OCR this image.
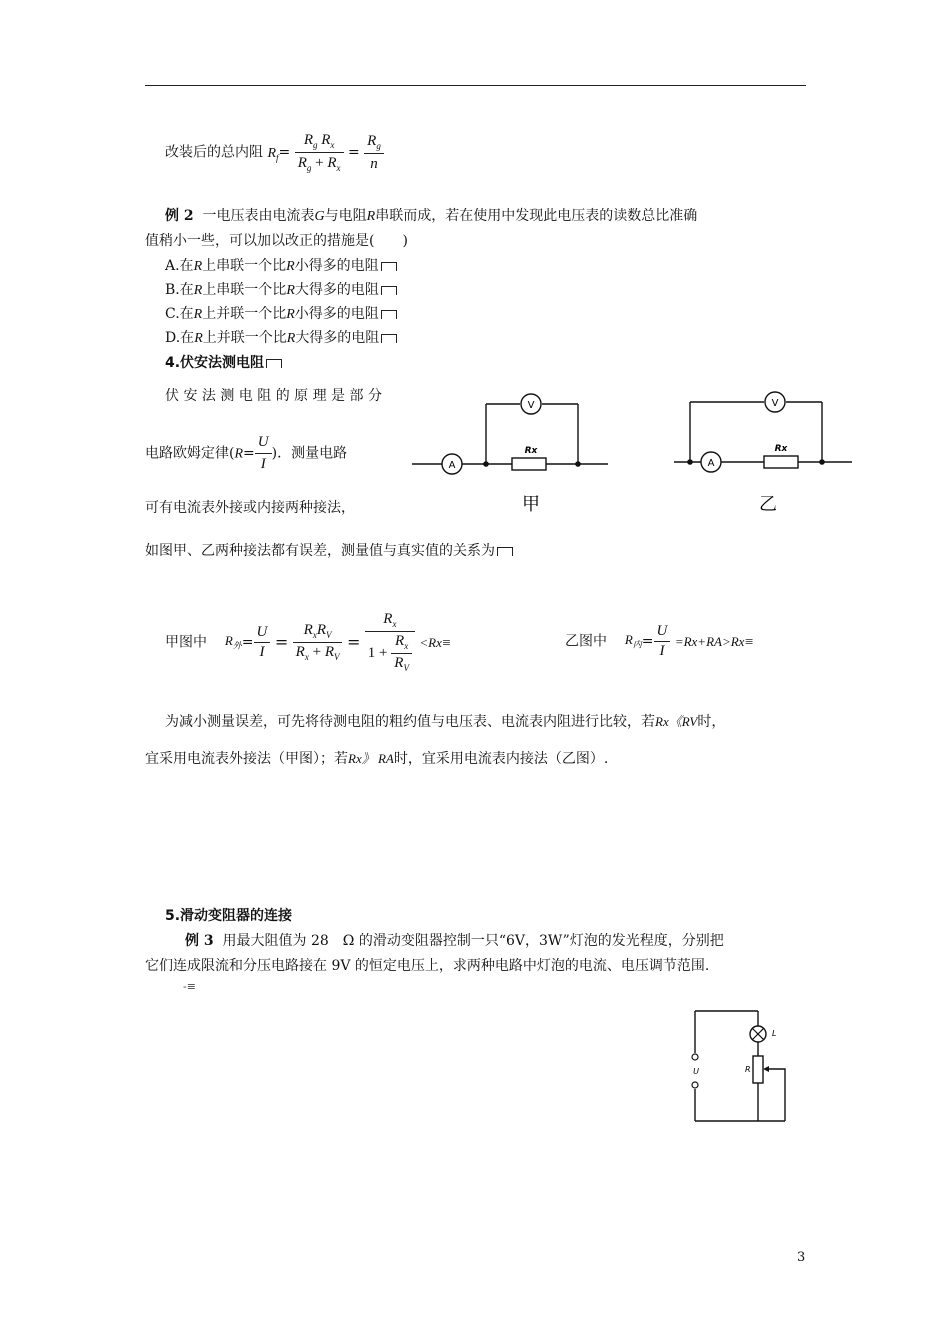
改装后的总内阻 $R_f= \frac{R_g R_x}{R_g + R_x} = \frac{R_g}{n}$
例 2 一电压表由电流表G与电阻R串联而成，若在使用中发现此电压表的读数总比准确
值稍小一些，可以加以改正的措施是(　　)
A.在R上串联一个比R小得多的电阻
B.在R上串联一个比R大得多的电阻
C.在R上并联一个比R小得多的电阻
D.在R上并联一个比R大得多的电阻
4.伏安法测电阻
伏 安 法 测 电 阻 的 原 理 是 部 分
电路欧姆定律($R= \frac{U}{I}$ )．测量电路
可有电流表外接或内接两种接法，
如图甲、乙两种接法都有误差，测量值与真实值的关系为
V
A
Rx
甲
V
A
Rx
乙
甲图中 $R_外= \frac{U}{I} = \frac{R_xR_V}{R_x + R_V} = \frac{R_x}{1 + \frac{R_x}{R_V}} <Rx\equiv$	乙图中 $R_内= \frac{U}{I} =Rx+RA>Rx\equiv$
为减小测量误差，可先将待测电阻的粗约值与电压表、电流表内阻进行比较，若Rx《RV时，
宜采用电流表外接法（甲图）；若Rx》 RA时，宜采用电流表内接法（乙图）.
5.滑动变阻器的连接
例 3 用最大阻值为 28　Ω 的滑动变阻器控制一只“6V，3W”灯泡的发光程度，分别把
它们连成限流和分压电路接在 9V 的恒定电压上，求两种电路中灯泡的电流、电压调节范围.
-≡
U
L
R
3
